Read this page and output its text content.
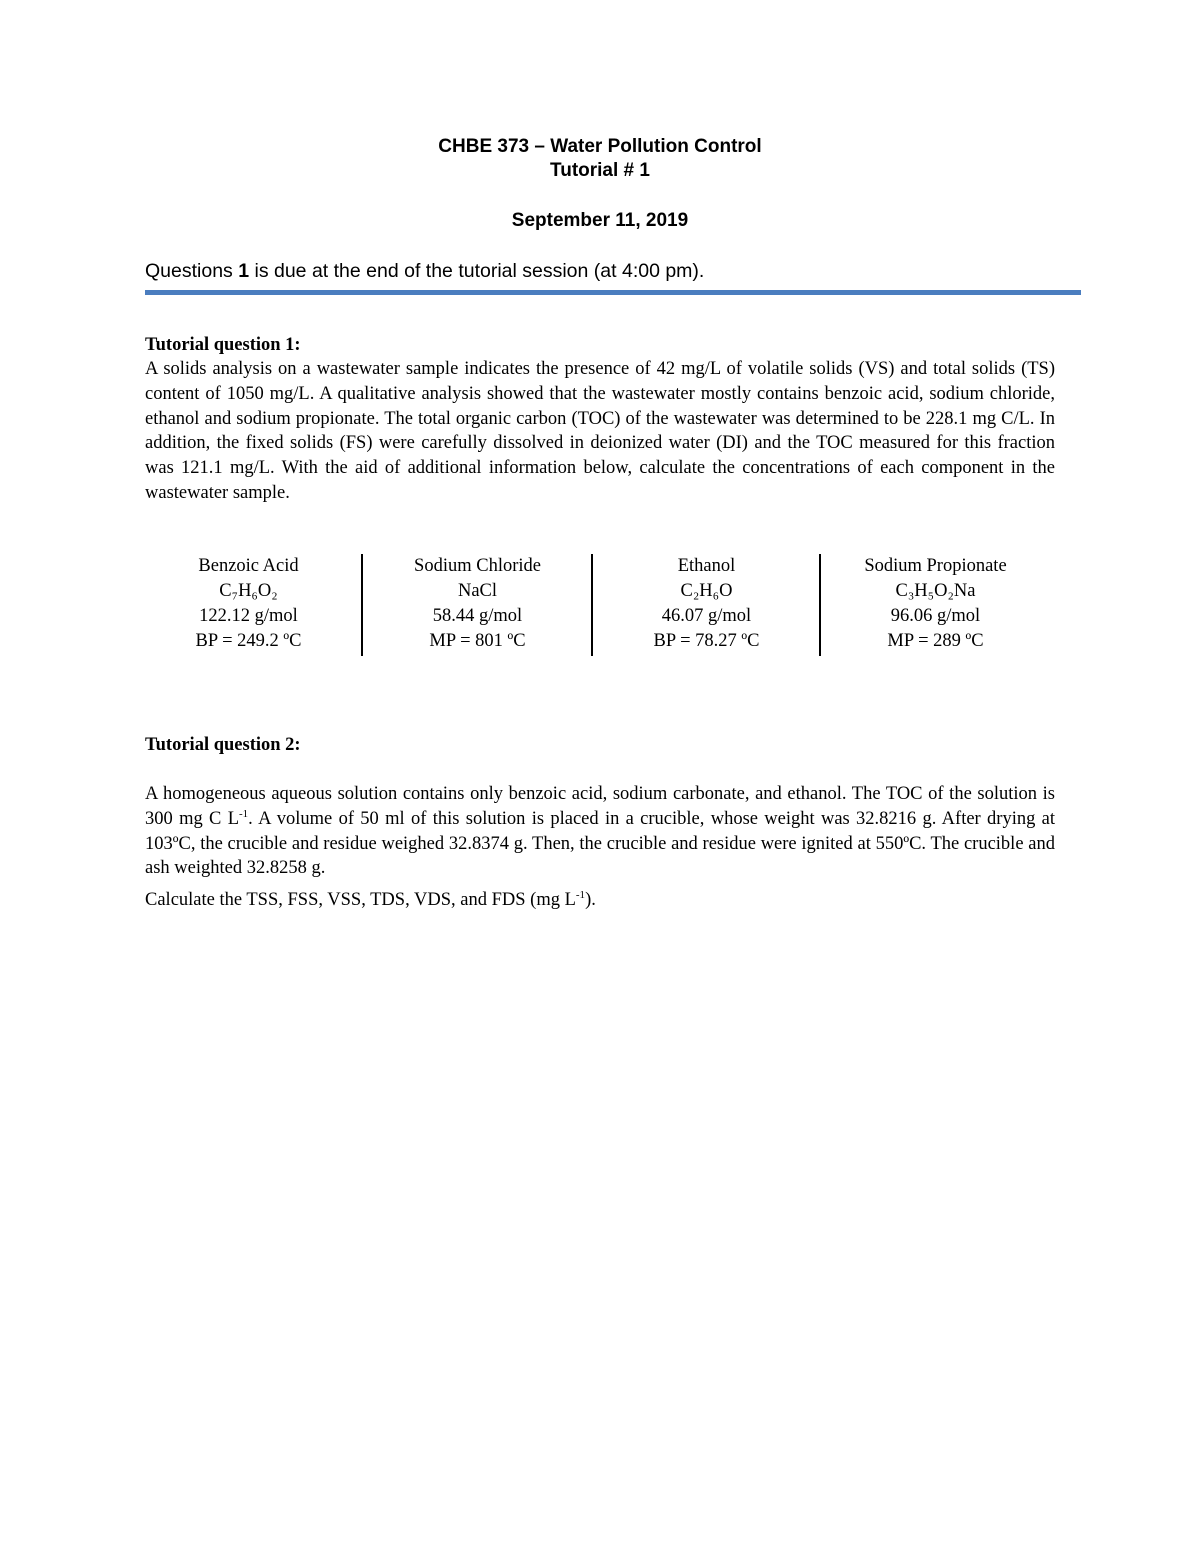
CHBE 373 – Water Pollution Control
Tutorial # 1
September 11, 2019
Questions 1 is due at the end of the tutorial session (at 4:00 pm).
Tutorial question 1:
A solids analysis on a wastewater sample indicates the presence of 42 mg/L of volatile solids (VS) and total solids (TS) content of 1050 mg/L. A qualitative analysis showed that the wastewater mostly contains benzoic acid, sodium chloride, ethanol and sodium propionate. The total organic carbon (TOC) of the wastewater was determined to be 228.1 mg C/L. In addition, the fixed solids (FS) were carefully dissolved in deionized water (DI) and the TOC measured for this fraction was 121.1 mg/L. With the aid of additional information below, calculate the concentrations of each component in the wastewater sample.
Benzoic Acid
C₇H₆O₂
122.12 g/mol
BP = 249.2 ºC
Sodium Chloride
NaCl
58.44 g/mol
MP = 801 ºC
Ethanol
C₂H₆O
46.07 g/mol
BP = 78.27 ºC
Sodium Propionate
C₃H₅O₂Na
96.06 g/mol
MP = 289 ºC
Tutorial question 2:
A homogeneous aqueous solution contains only benzoic acid, sodium carbonate, and ethanol. The TOC of the solution is 300 mg C $L^{-1}$. A volume of 50 ml of this solution is placed in a crucible, whose weight was 32.8216 g. After drying at 103ºC, the crucible and residue weighed 32.8374 g. Then, the crucible and residue were ignited at 550ºC. The crucible and ash weighted 32.8258 g.
Calculate the TSS, FSS, VSS, TDS, VDS, and FDS (mg $L^{-1}$).
